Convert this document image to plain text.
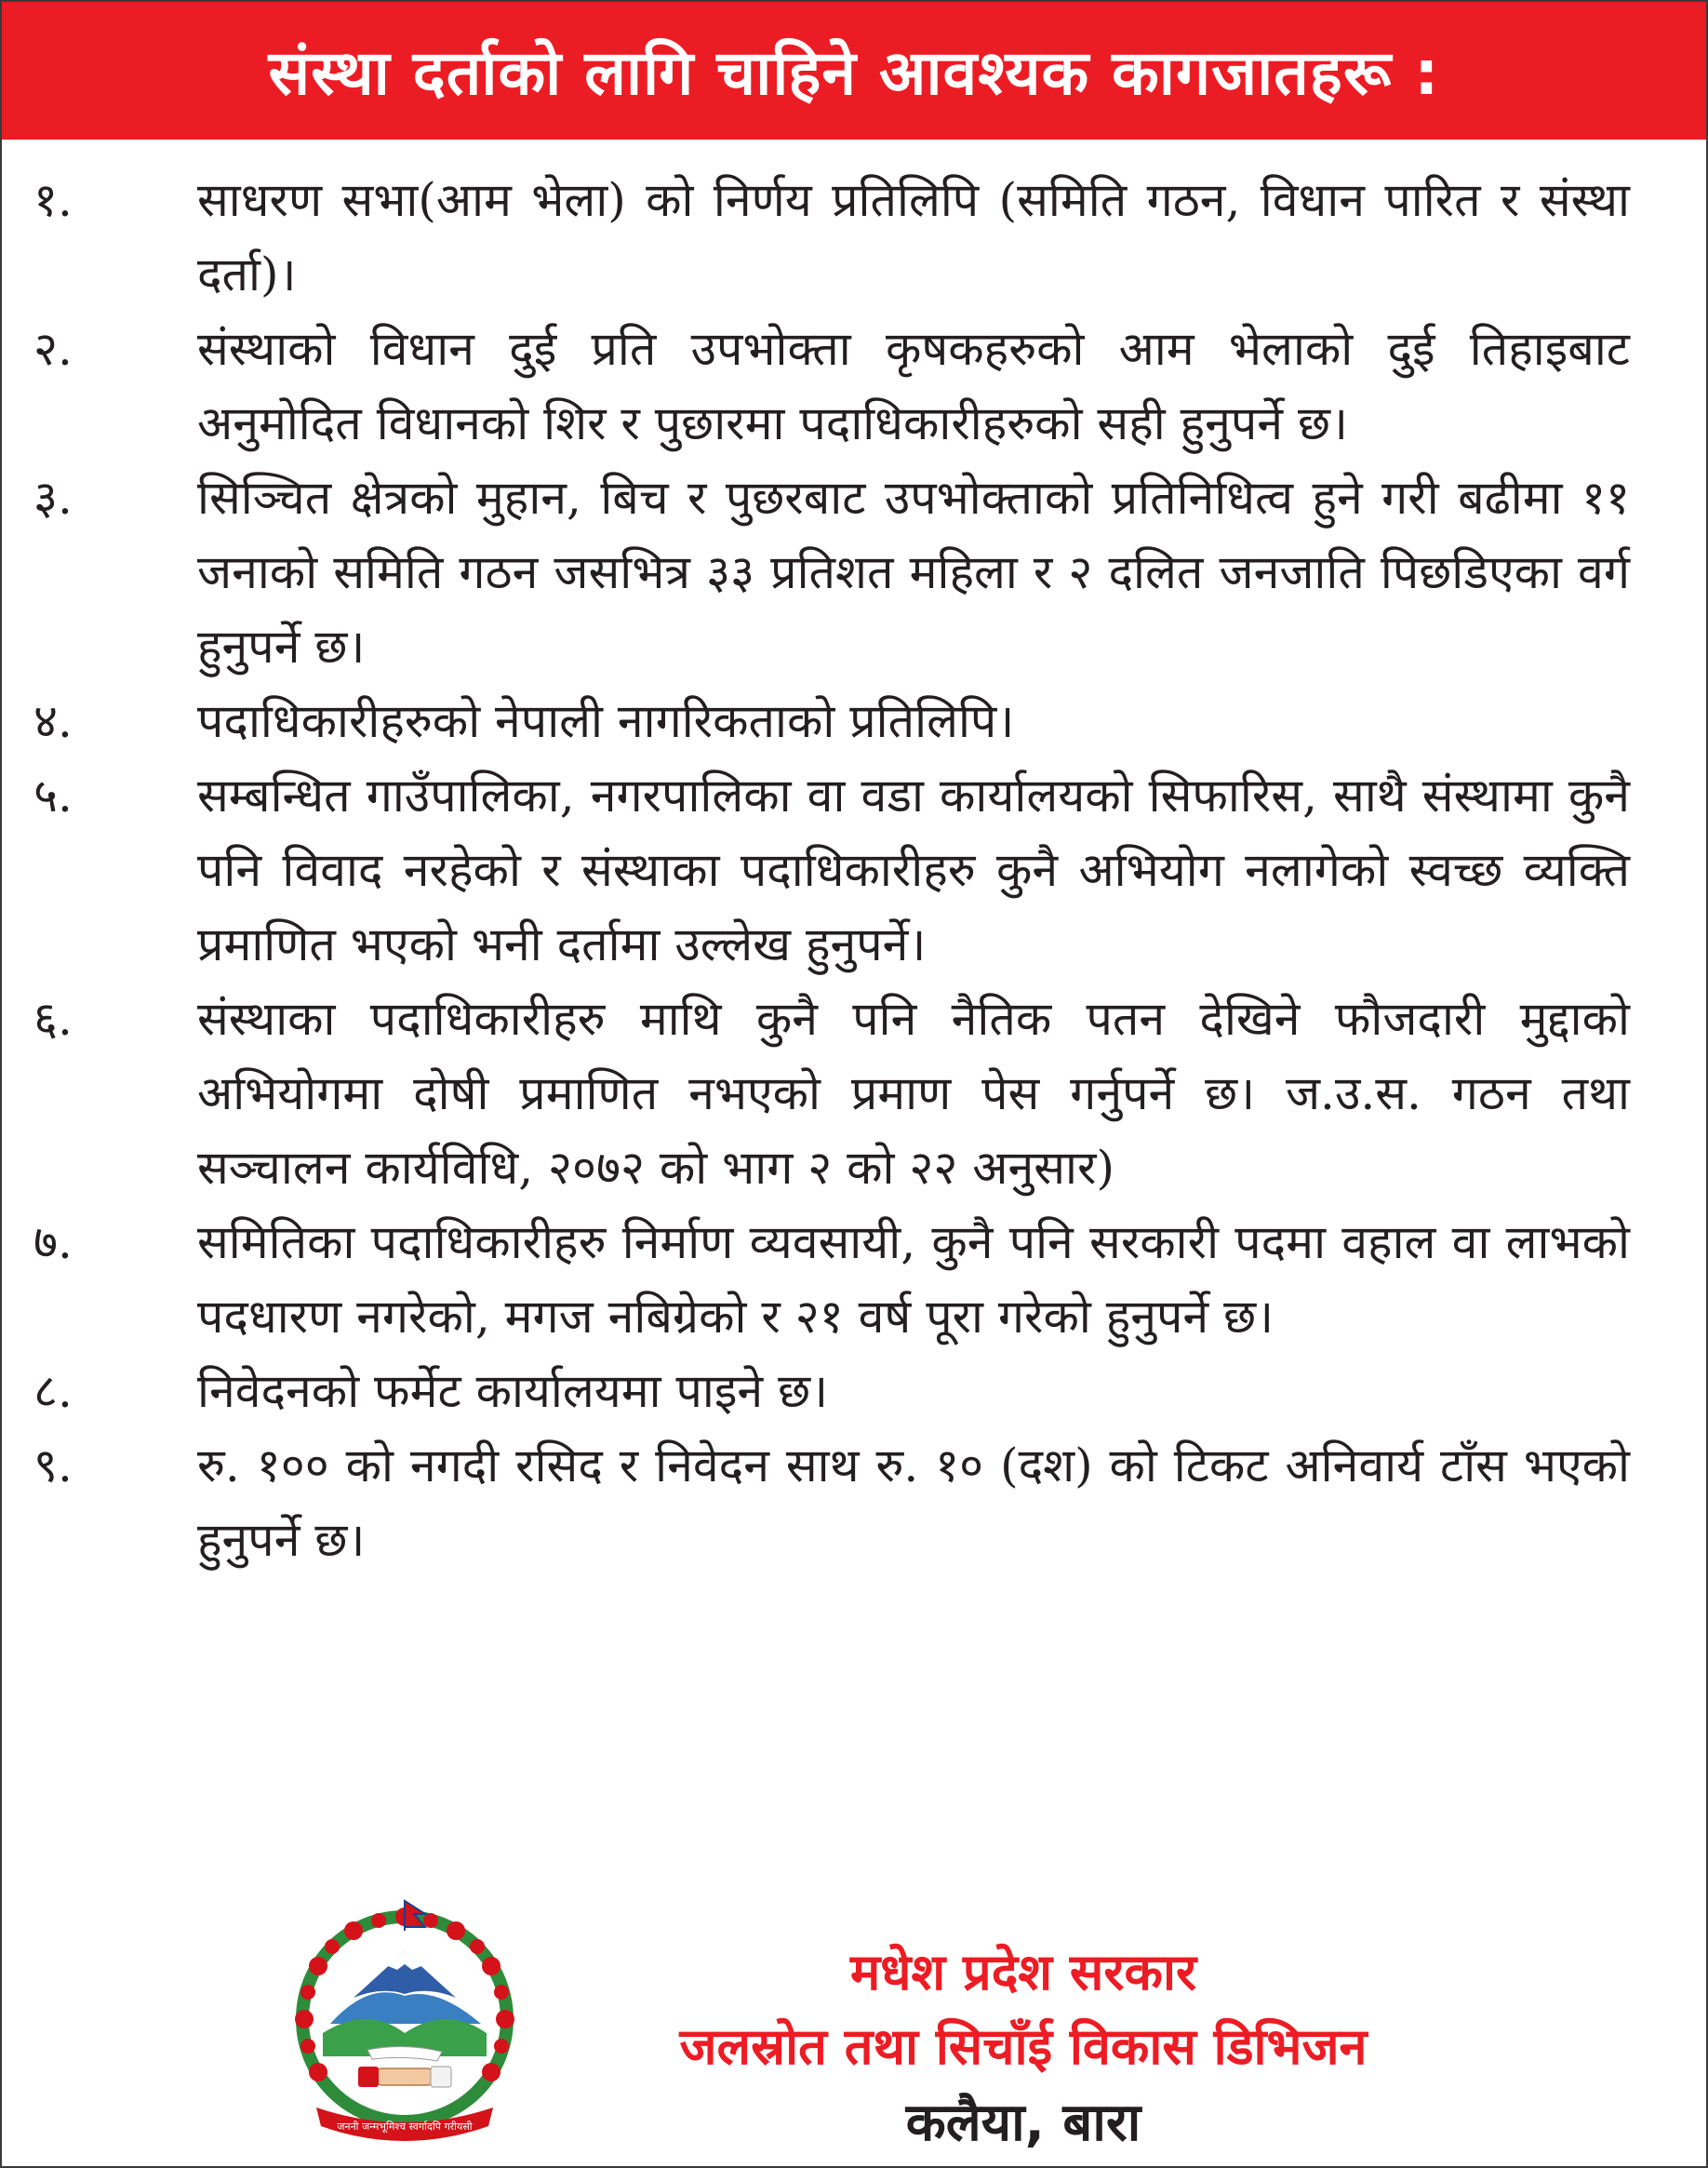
संस्था दर्ताको लागि चाहिने आवश्यक कागजातहरू :
१.	साधरण सभा(आम भेला) को निर्णय प्रतिलिपि (समिति गठन, विधान पारित र संस्था दर्ता)।
२.	संस्थाको विधान दुई प्रति उपभोक्ता कृषकहरुको आम भेलाको दुई तिहाइबाट अनुमोदित विधानको शिर र पुछारमा पदाधिकारीहरुको सही हुनुपर्ने छ।
३.	सिञ्चित क्षेत्रको मुहान, बिच र पुछरबाट उपभोक्ताको प्रतिनिधित्व हुने गरी बढीमा ११ जनाको समिति गठन जसभित्र ३३ प्रतिशत महिला र २ दलित जनजाति पिछडिएका वर्ग हुनुपर्ने छ।
४.	पदाधिकारीहरुको नेपाली नागरिकताको प्रतिलिपि।
५.	सम्बन्धित गाउँपालिका, नगरपालिका वा वडा कार्यालयको सिफारिस, साथै संस्थामा कुनै पनि विवाद नरहेको र संस्थाका पदाधिकारीहरु कुनै अभियोग नलागेको स्वच्छ व्यक्ति प्रमाणित भएको भनी दर्तामा उल्लेख हुनुपर्ने।
६.	संस्थाका पदाधिकारीहरु माथि कुनै पनि नैतिक पतन देखिने फौजदारी मुद्दाको अभियोगमा दोषी प्रमाणित नभएको प्रमाण पेस गर्नुपर्ने छ। ज.उ.स. गठन तथा सञ्चालन कार्यविधि, २०७२ को भाग २ को २२ अनुसार)
७.	समितिका पदाधिकारीहरु निर्माण व्यवसायी, कुनै पनि सरकारी पदमा वहाल वा लाभको पदधारण नगरेको, मगज नबिग्रेको र २१ वर्ष पूरा गरेको हुनुपर्ने छ।
८.	निवेदनको फर्मेट कार्यालयमा पाइने छ।
९.	रु. १०० को नगदी रसिद र निवेदन साथ रु. १० (दश) को टिकट अनिवार्य टाँस भएको हुनुपर्ने छ।
जननी जन्मभूमिश्च स्वर्गादपि गरीयसी
मधेश प्रदेश सरकार
जलस्रोत तथा सिचाँई विकास डिभिजन
कलैया, बारा
